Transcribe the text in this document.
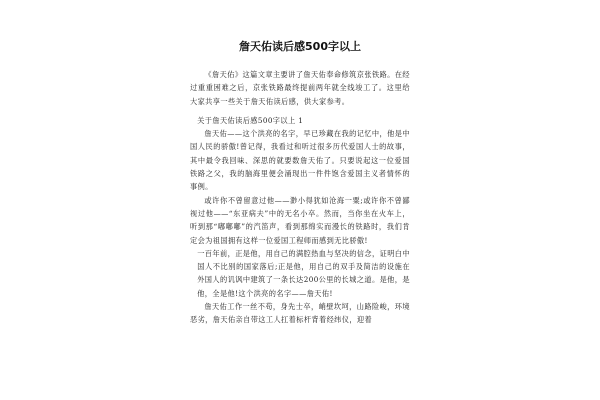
詹天佑读后感500字以上

《詹天佑》这篇文章主要讲了詹天佑奉命修筑京张铁路。在经过重重困难之后，京张铁路最终提前两年就全线竣工了。这里给大家共享一些关于詹天佑读后感，供大家参考。

关于詹天佑读后感500字以上 1

詹天佑——这个洪亮的名字，早已珍藏在我的记忆中，他是中国人民的骄傲!曾记得，我看过和听过很多历代爱国人士的故事，其中最令我回味、深思的就要数詹天佑了。只要说起这一位爱国铁路之父，我的脑海里便会涌现出一件件饱含爱国主义者情怀的事例。

或许你不曾留意过他——渺小得犹如沧海一粟;或许你不曾鄙视过他——“东亚病夫”中的无名小卒。然而，当你坐在火车上，听到那“嘟嘟嘟”的汽笛声，看到那绵实而漫长的铁路时，我们肯定会为祖国拥有这样一位爱国工程师而感到无比骄傲!

一百年前，正是他，用自己的满腔热血与坚决的信念，证明白中国人不比别的国家落后;正是他，用自己的双手及简洁的设施在外国人的讥讽中建筑了一条长达200公里的长城之道。是他，是他，全是他!这个洪亮的名字——詹天佑!

詹天佑工作一丝不苟，身先士卒，峭壁坎坷，山路险峻，环境恶劣，詹天佑亲自带这工人扛着标杆背着经纬仪，迎着
